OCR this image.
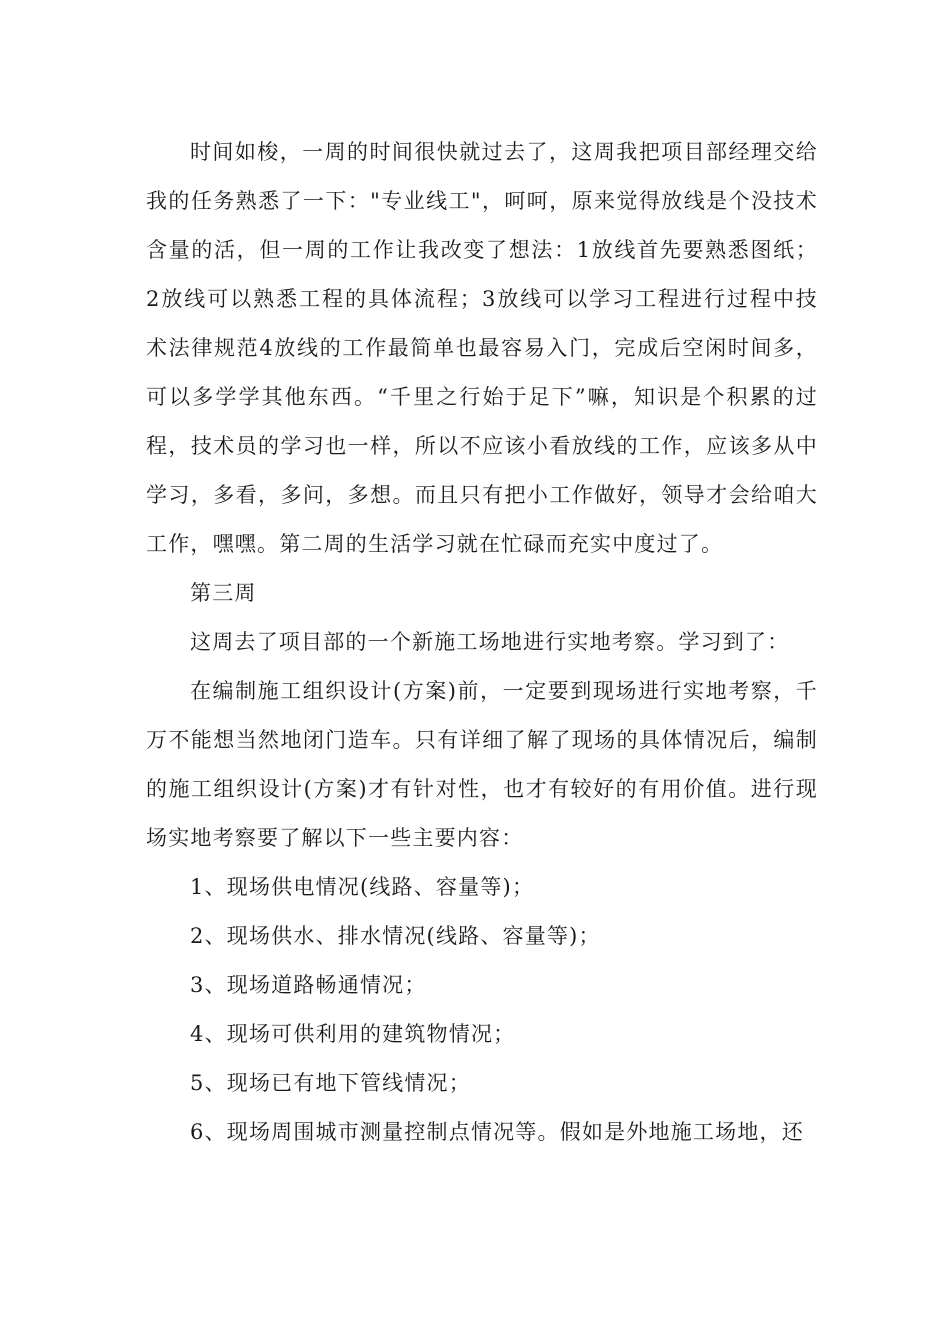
时间如梭，一周的时间很快就过去了，这周我把项目部经理交给我的任务熟悉了一下："专业线工"，呵呵，原来觉得放线是个没技术含量的活，但一周的工作让我改变了想法：1放线首先要熟悉图纸；2放线可以熟悉工程的具体流程；3放线可以学习工程进行过程中技术法律规范4放线的工作最简单也最容易入门，完成后空闲时间多，可以多学学其他东西。“千里之行始于足下”嘛，知识是个积累的过程，技术员的学习也一样，所以不应该小看放线的工作，应该多从中学习，多看，多问，多想。而且只有把小工作做好，领导才会给咱大工作，嘿嘿。第二周的生活学习就在忙碌而充实中度过了。

第三周

这周去了项目部的一个新施工场地进行实地考察。学习到了：

在编制施工组织设计(方案)前，一定要到现场进行实地考察，千万不能想当然地闭门造车。只有详细了解了现场的具体情况后，编制的施工组织设计(方案)才有针对性，也才有较好的有用价值。进行现场实地考察要了解以下一些主要内容：

1、现场供电情况(线路、容量等)；
2、现场供水、排水情况(线路、容量等)；
3、现场道路畅通情况；
4、现场可供利用的建筑物情况；
5、现场已有地下管线情况；
6、现场周围城市测量控制点情况等。假如是外地施工场地，还
